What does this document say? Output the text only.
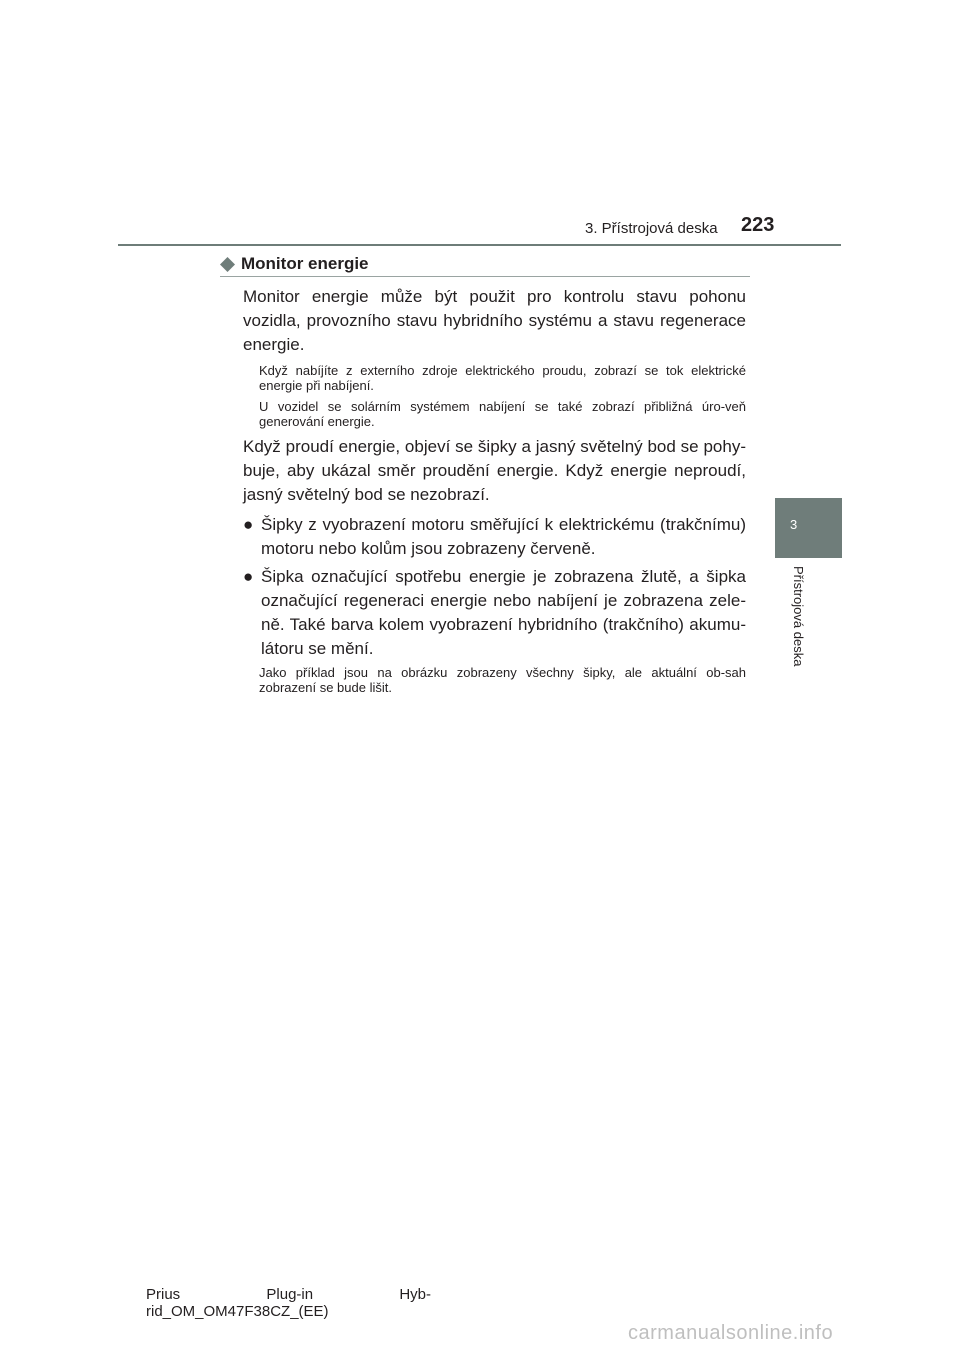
3. Přístrojová deska 223
3
Přístrojová deska
Monitor energie

Monitor energie může být použit pro kontrolu stavu pohonu vozidla, provozního stavu hybridního systému a stavu regenerace energie.

Když nabíjíte z externího zdroje elektrického proudu, zobrazí se tok elektrické energie při nabíjení.

U vozidel se solárním systémem nabíjení se také zobrazí přibližná úro-veň generování energie.

Když proudí energie, objeví se šipky a jasný světelný bod se pohy-buje, aby ukázal směr proudění energie. Když energie neproudí, jasný světelný bod se nezobrazí.

● Šipky z vyobrazení motoru směřující k elektrickému (trakčnímu) motoru nebo kolům jsou zobrazeny červeně.
● Šipka označující spotřebu energie je zobrazena žlutě, a šipka označující regeneraci energie nebo nabíjení je zobrazena zele-ně. Také barva kolem vyobrazení hybridního (trakčního) akumu-látoru se mění.

Jako příklad jsou na obrázku zobrazeny všechny šipky, ale aktuální ob-sah zobrazení se bude lišit.

Prius	Plug-in	Hyb-
rid_OM_OM47F38CZ_(EE)
carmanualsonline.info
